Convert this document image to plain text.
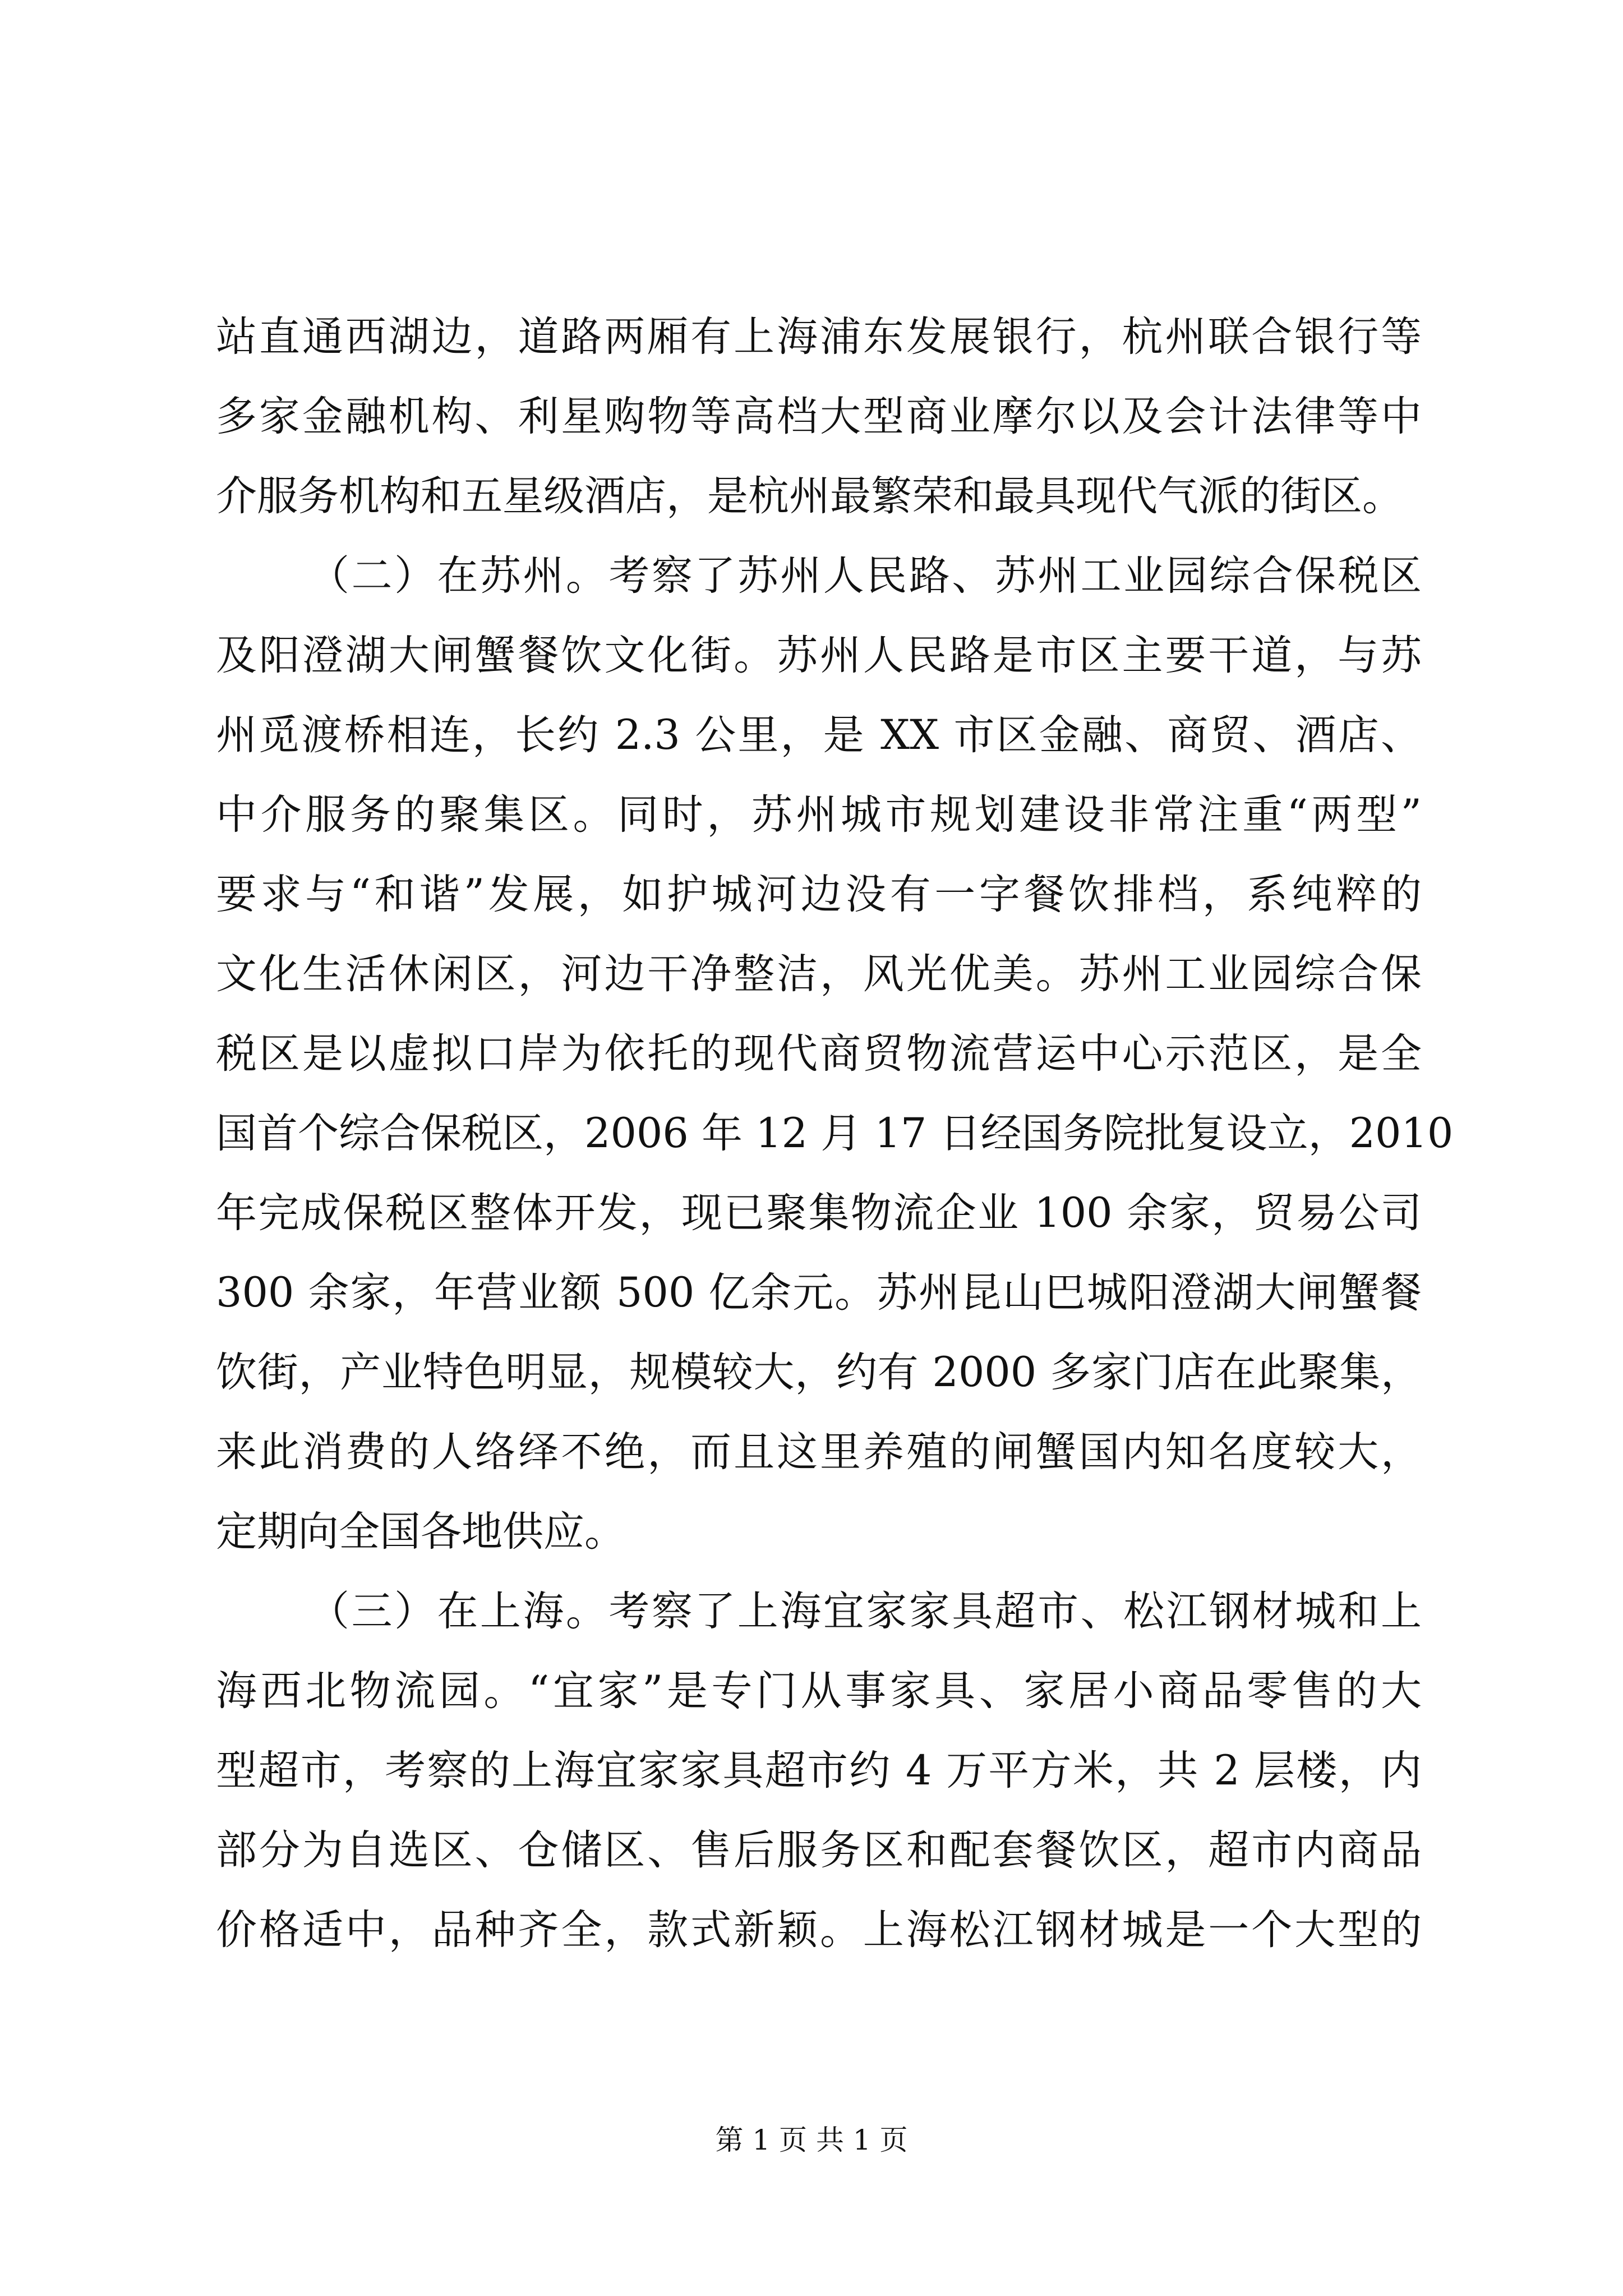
站直通西湖边，道路两厢有上海浦东发展银行，杭州联合银行等
多家金融机构、利星购物等高档大型商业摩尔以及会计法律等中
介服务机构和五星级酒店，是杭州最繁荣和最具现代气派的街区。
（二）在苏州。考察了苏州人民路、苏州工业园综合保税区
及阳澄湖大闸蟹餐饮文化街。苏州人民路是市区主要干道，与苏
州觅渡桥相连，长约 2.3 公里，是 XX 市区金融、商贸、酒店、
中介服务的聚集区。同时，苏州城市规划建设非常注重“两型”
要求与“和谐”发展，如护城河边没有一字餐饮排档，系纯粹的
文化生活休闲区，河边干净整洁，风光优美。苏州工业园综合保
税区是以虚拟口岸为依托的现代商贸物流营运中心示范区，是全
国首个综合保税区，2006 年 12 月 17 日经国务院批复设立，2010
年完成保税区整体开发，现已聚集物流企业 100 余家，贸易公司
300 余家，年营业额 500 亿余元。苏州昆山巴城阳澄湖大闸蟹餐
饮街，产业特色明显，规模较大，约有 2000 多家门店在此聚集，
来此消费的人络绎不绝，而且这里养殖的闸蟹国内知名度较大，
定期向全国各地供应。
（三）在上海。考察了上海宜家家具超市、松江钢材城和上
海西北物流园。“宜家”是专门从事家具、家居小商品零售的大
型超市，考察的上海宜家家具超市约 4 万平方米，共 2 层楼，内
部分为自选区、仓储区、售后服务区和配套餐饮区，超市内商品
价格适中，品种齐全，款式新颖。上海松江钢材城是一个大型的
第 1 页 共 1 页
